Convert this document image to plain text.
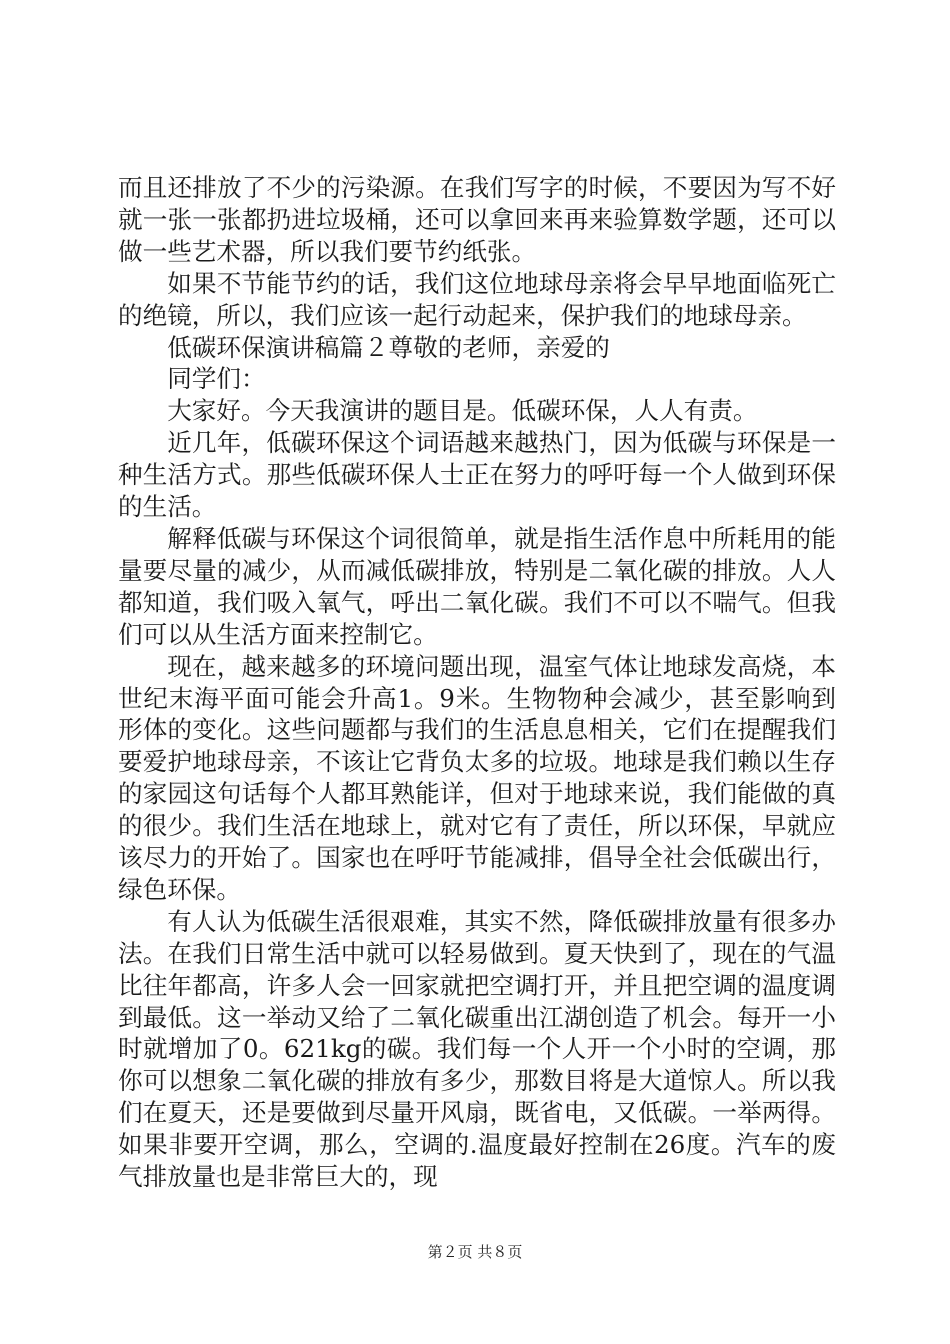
而且还排放了不少的污染源。在我们写字的时候，不要因为写不好就一张一张都扔进垃圾桶，还可以拿回来再来验算数学题，还可以做一些艺术器，所以我们要节约纸张。

如果不节能节约的话，我们这位地球母亲将会早早地面临死亡的绝镜，所以，我们应该一起行动起来，保护我们的地球母亲。

低碳环保演讲稿篇２尊敬的老师，亲爱的

同学们：

大家好。今天我演讲的题目是。低碳环保，人人有责。

近几年，低碳环保这个词语越来越热门，因为低碳与环保是一种生活方式。那些低碳环保人士正在努力的呼吁每一个人做到环保的生活。

解释低碳与环保这个词很简单，就是指生活作息中所耗用的能量要尽量的减少，从而减低碳排放，特别是二氧化碳的排放。人人都知道，我们吸入氧气，呼出二氧化碳。我们不可以不喘气。但我们可以从生活方面来控制它。

现在，越来越多的环境问题出现，温室气体让地球发高烧，本世纪末海平面可能会升高1。9米。生物物种会减少，甚至影响到形体的变化。这些问题都与我们的生活息息相关，它们在提醒我们要爱护地球母亲，不该让它背负太多的垃圾。地球是我们赖以生存的家园这句话每个人都耳熟能详，但对于地球来说，我们能做的真的很少。我们生活在地球上，就对它有了责任，所以环保，早就应该尽力的开始了。国家也在呼吁节能减排，倡导全社会低碳出行，绿色环保。

有人认为低碳生活很艰难，其实不然，降低碳排放量有很多办法。在我们日常生活中就可以轻易做到。夏天快到了，现在的气温比往年都高，许多人会一回家就把空调打开，并且把空调的温度调到最低。这一举动又给了二氧化碳重出江湖创造了机会。每开一小时就增加了0。621kg的碳。我们每一个人开一个小时的空调，那你可以想象二氧化碳的排放有多少，那数目将是大道惊人。所以我们在夏天，还是要做到尽量开风扇，既省电，又低碳。一举两得。如果非要开空调，那么，空调的.温度最好控制在26度。汽车的废气排放量也是非常巨大的，现

第２页 共８页
